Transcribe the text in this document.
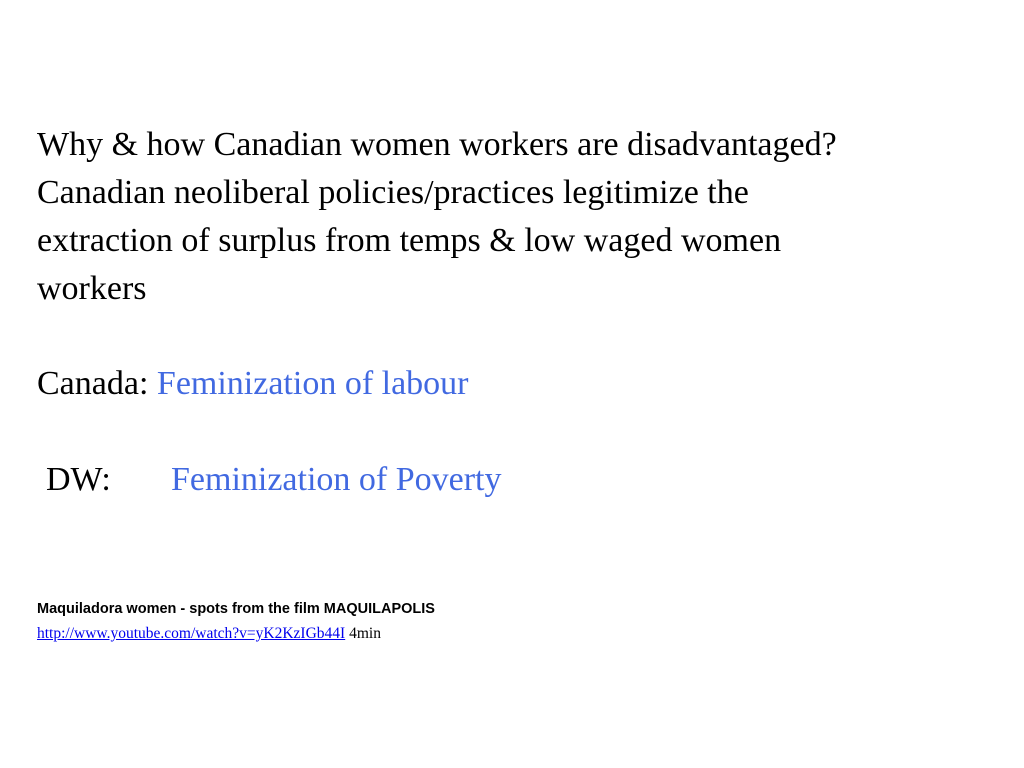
Why & how Canadian women workers are disadvantaged?
Canadian neoliberal policies/practices legitimize the
extraction of surplus from temps & low waged women
workers

Canada: Feminization of labour
DW: Feminization of Poverty
Maquiladora women - spots from the film MAQUILAPOLIS
http://www.youtube.com/watch?v=yK2KzIGb44I 4min
